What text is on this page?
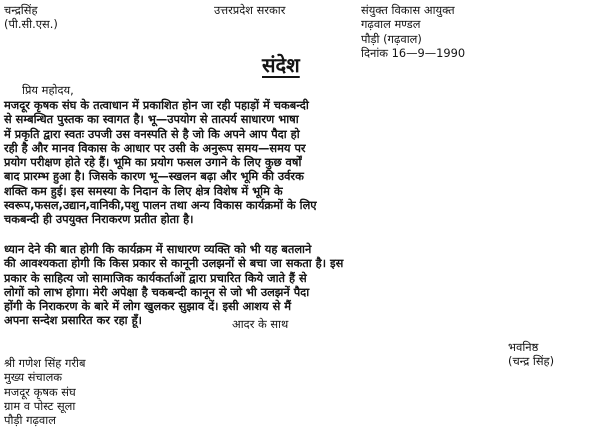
चन्द्रसिंह
(पी.सी.एस.)
उत्तरप्रदेश सरकार	संयुक्त विकास आयुक्त
गढ़वाल मण्डल
पौड़ी (गढ़वाल)
दिनांक 16—9—1990
संदेश
प्रिय महोदय,
मजदूर कृषक संघ के तत्वाधान में प्रकाशित होन जा रही पहाड़ों में चकबन्दी
से सम्बन्धित पुस्तक का स्वागत है। भू—उपयोग से तात्पर्य साधारण भाषा
में प्रकृति द्वारा स्वतः उपजी उस वनस्पति से है जो कि अपने आप पैदा हो
रही है और मानव विकास के आधार पर उसी के अनुरूप समय—समय पर
प्रयोग परीक्षण होते रहे हैं। भूमि का प्रयोग फसल उगाने के लिए कुछ वर्षों
बाद प्रारम्भ हुआ है। जिसके कारण भू—स्खलन बढ़ा और भूमि की उर्वरक
शक्ति कम हुई। इस समस्या के निदान के लिए क्षेत्र विशेष में भूमि के
स्वरूप,फसल,उद्यान,वानिकी,पशु पालन तथा अन्य विकास कार्यक्रमों के लिए
चकबन्दी ही उपयुक्त निराकरण प्रतीत होता है।
ध्यान देने की बात होगी कि कार्यक्रम में साधारण व्यक्ति को भी यह बतलाने
की आवश्यकता होगी कि किस प्रकार से कानूनी उलझनों से बचा जा सकता है। इस
प्रकार के साहित्य जो सामाजिक कार्यकर्ताओं द्वारा प्रचारित किये जाते हैं से
लोगों को लाभ होगा। मेरी अपेक्षा है चकबन्दी कानून से जो भी उलझनें पैदा
होंगी के निराकरण के बारे में लोग खुलकर सुझाव दें। इसी आशय से मैं
अपना सन्देश प्रसारित कर रहा हूँ।	आदर के साथ
भवनिष्ठ
(चन्द्र सिंह)
श्री गणेश सिंह गरीब
मुख्य संचालक
मजदूर कृषक संघ
ग्राम व पोस्ट सूला
पौड़ी गढ़वाल
